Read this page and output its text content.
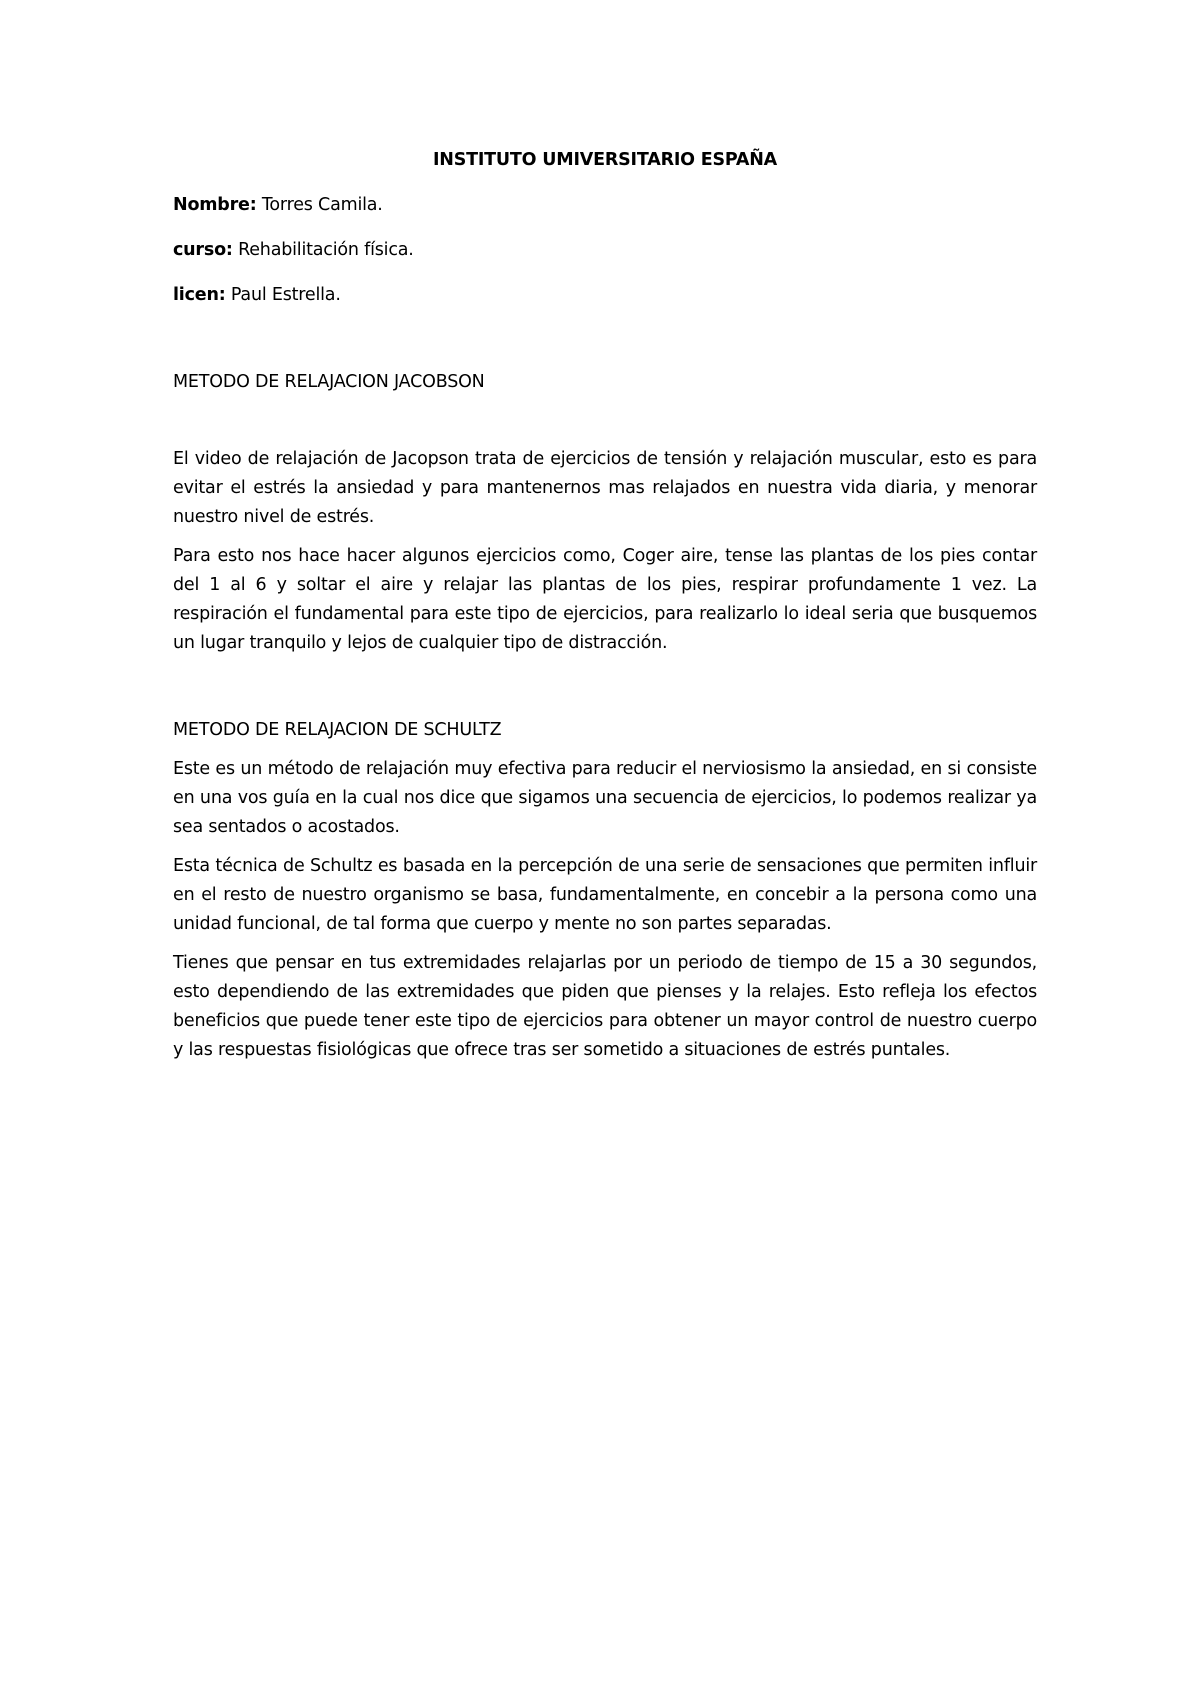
INSTITUTO UMIVERSITARIO ESPAÑA
Nombre: Torres Camila.
curso: Rehabilitación física.
licen: Paul Estrella.
METODO DE RELAJACION JACOBSON

El video de relajación de Jacopson trata de ejercicios de tensión y relajación muscular, esto es para evitar el estrés la ansiedad y para mantenernos mas relajados en nuestra vida diaria, y menorar nuestro nivel de estrés.

Para esto nos hace hacer algunos ejercicios como, Coger aire, tense las plantas de los pies contar del 1 al 6 y soltar el aire y relajar las plantas de los pies, respirar profundamente 1 vez. La respiración el fundamental para este tipo de ejercicios, para realizarlo lo ideal seria que busquemos un lugar tranquilo y lejos de cualquier tipo de distracción.

METODO DE RELAJACION DE SCHULTZ

Este es un método de relajación muy efectiva para reducir el nerviosismo la ansiedad, en si consiste en una vos guía en la cual nos dice que sigamos una secuencia de ejercicios, lo podemos realizar ya sea sentados o acostados.

Esta técnica de Schultz es basada en la percepción de una serie de sensaciones que permiten influir en el resto de nuestro organismo se basa, fundamentalmente, en concebir a la persona como una unidad funcional, de tal forma que cuerpo y mente no son partes separadas.

Tienes que pensar en tus extremidades relajarlas por un periodo de tiempo de 15 a 30 segundos, esto dependiendo de las extremidades que piden que pienses y la relajes. Esto refleja los efectos beneficios que puede tener este tipo de ejercicios para obtener un mayor control de nuestro cuerpo y las respuestas fisiológicas que ofrece tras ser sometido a situaciones de estrés puntales.
